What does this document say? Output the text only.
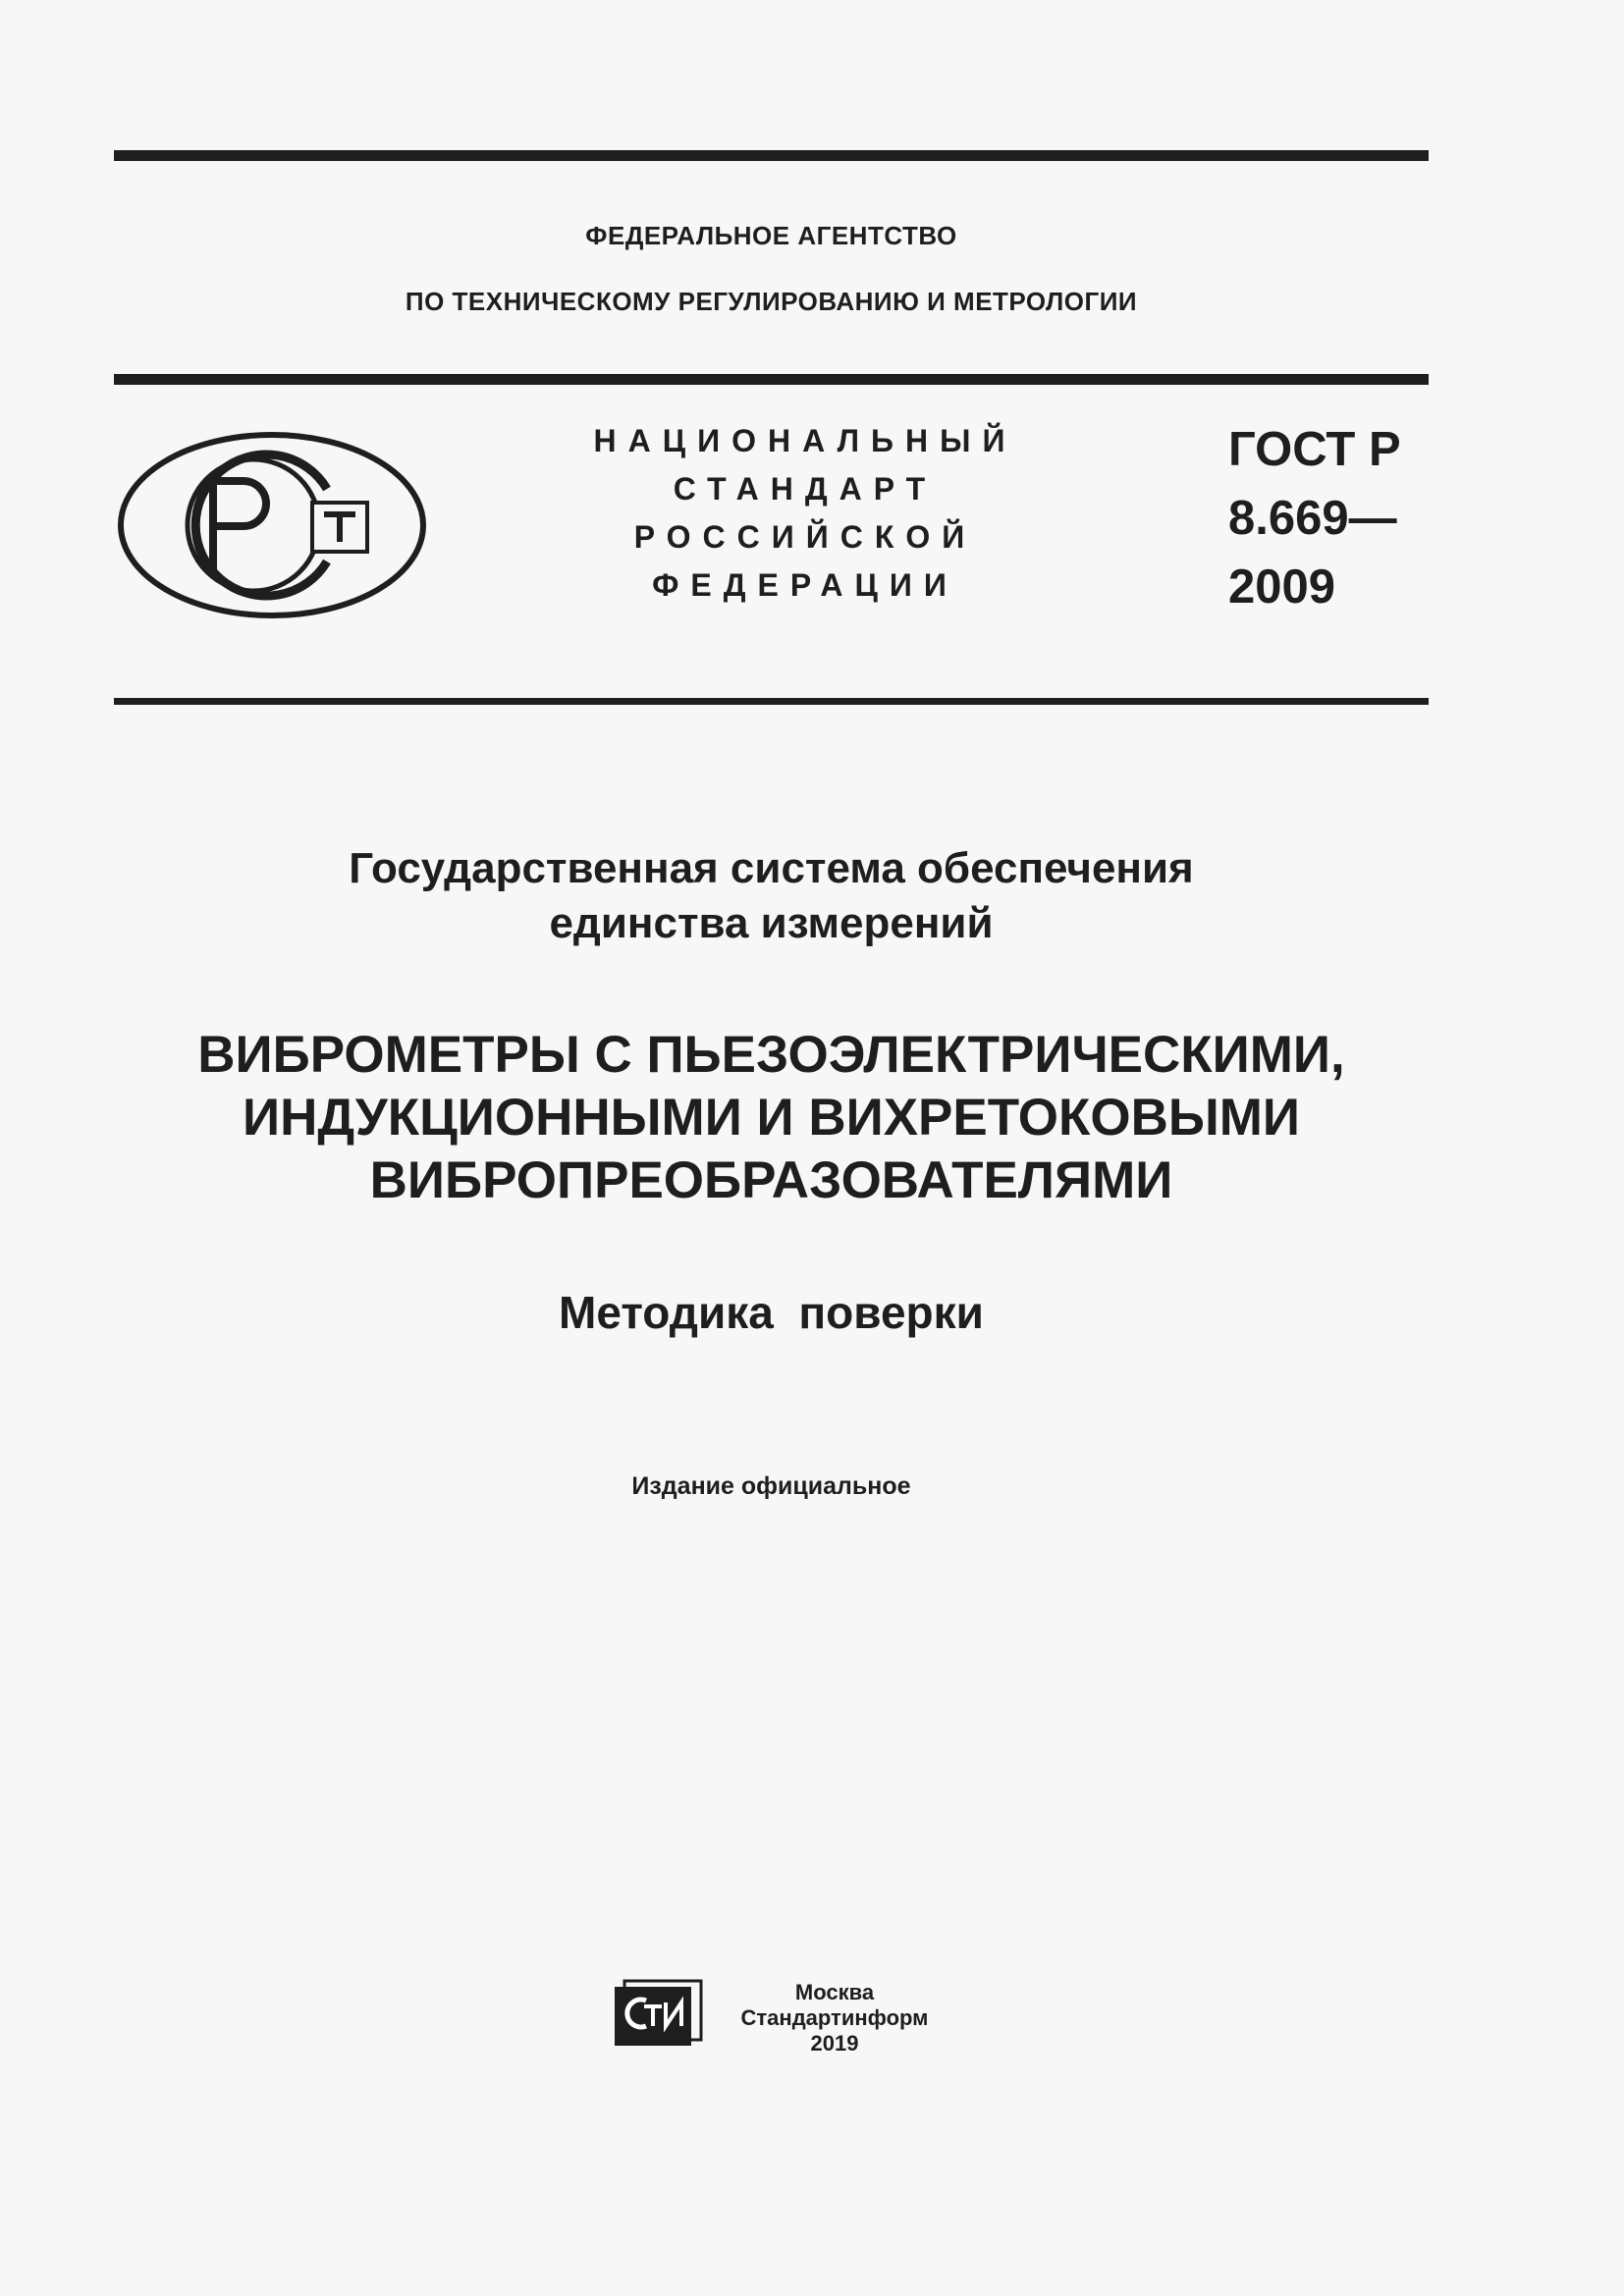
ФЕДЕРАЛЬНОЕ АГЕНТСТВО
ПО ТЕХНИЧЕСКОМУ РЕГУЛИРОВАНИЮ И МЕТРОЛОГИИ
НАЦИОНАЛЬНЫЙ
СТАНДАРТ
РОССИЙСКОЙ
ФЕДЕРАЦИИ
ГОСТ Р
8.669—
2009
Государственная система обеспечения
единства измерений
ВИБРОМЕТРЫ С ПЬЕЗОЭЛЕКТРИЧЕСКИМИ,
ИНДУКЦИОННЫМИ И ВИХРЕТОКОВЫМИ
ВИБРОПРЕОБРАЗОВАТЕЛЯМИ
Методика  поверки
Издание официальное
Москва
Стандартинформ
2019
